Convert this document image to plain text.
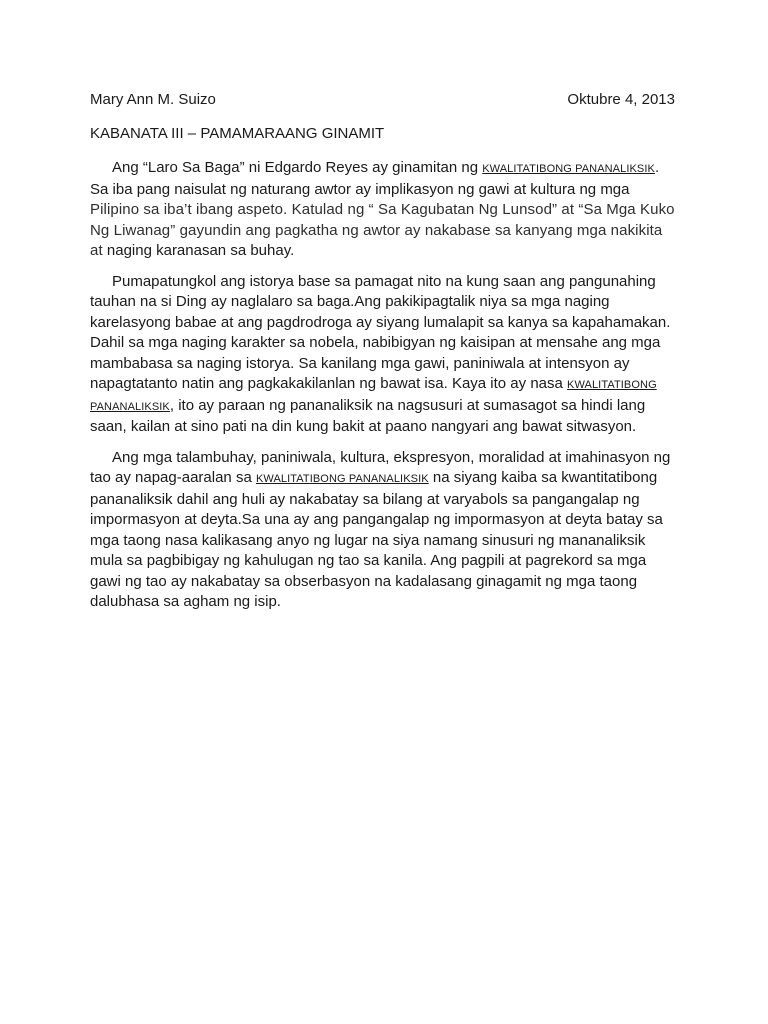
Mary Ann M. Suizo	Oktubre 4, 2013
KABANATA III – PAMAMARAANG GINAMIT

Ang “Laro Sa Baga” ni Edgardo Reyes ay ginamitan ng KWALITATIBONG PANANALIKSIK. Sa iba pang naisulat ng naturang awtor ay implikasyon ng gawi at kultura ng mga Pilipino sa iba’t ibang aspeto. Katulad ng “ Sa Kagubatan Ng Lunsod” at “Sa Mga Kuko Ng Liwanag” gayundin ang pagkatha ng awtor ay nakabase sa kanyang mga nakikita at naging karanasan sa buhay.

Pumapatungkol ang istorya base sa pamagat nito na kung saan ang pangunahing tauhan na si Ding ay naglalaro sa baga.Ang pakikipagtalik niya sa mga naging karelasyong babae at ang pagdrodroga ay siyang lumalapit sa kanya sa kapahamakan. Dahil sa mga naging karakter sa nobela, nabibigyan ng kaisipan at mensahe ang mga mambabasa sa naging istorya. Sa kanilang mga gawi, paniniwala at intensyon ay napagtatanto natin ang pagkakakilanlan ng bawat isa. Kaya ito ay nasa KWALITATIBONG PANANALIKSIK, ito ay paraan ng pananaliksik na nagsusuri at sumasagot sa hindi lang saan, kailan at sino pati na din kung bakit at paano nangyari ang bawat sitwasyon.

Ang mga talambuhay, paniniwala, kultura, ekspresyon, moralidad at imahinasyon ng tao ay napag-aaralan sa KWALITATIBONG PANANALIKSIK na siyang kaiba sa kwantitatibong pananaliksik dahil ang huli ay nakabatay sa bilang at varyabols sa pangangalap ng impormasyon at deyta.Sa una ay ang pangangalap ng impormasyon at deyta batay sa mga taong nasa kalikasang anyo ng lugar na siya namang sinusuri ng mananaliksik mula sa pagbibigay ng kahulugan ng tao sa kanila. Ang pagpili at pagrekord sa mga gawi ng tao ay nakabatay sa obserbasyon na kadalasang ginagamit ng mga taong dalubhasa sa agham ng isip.
